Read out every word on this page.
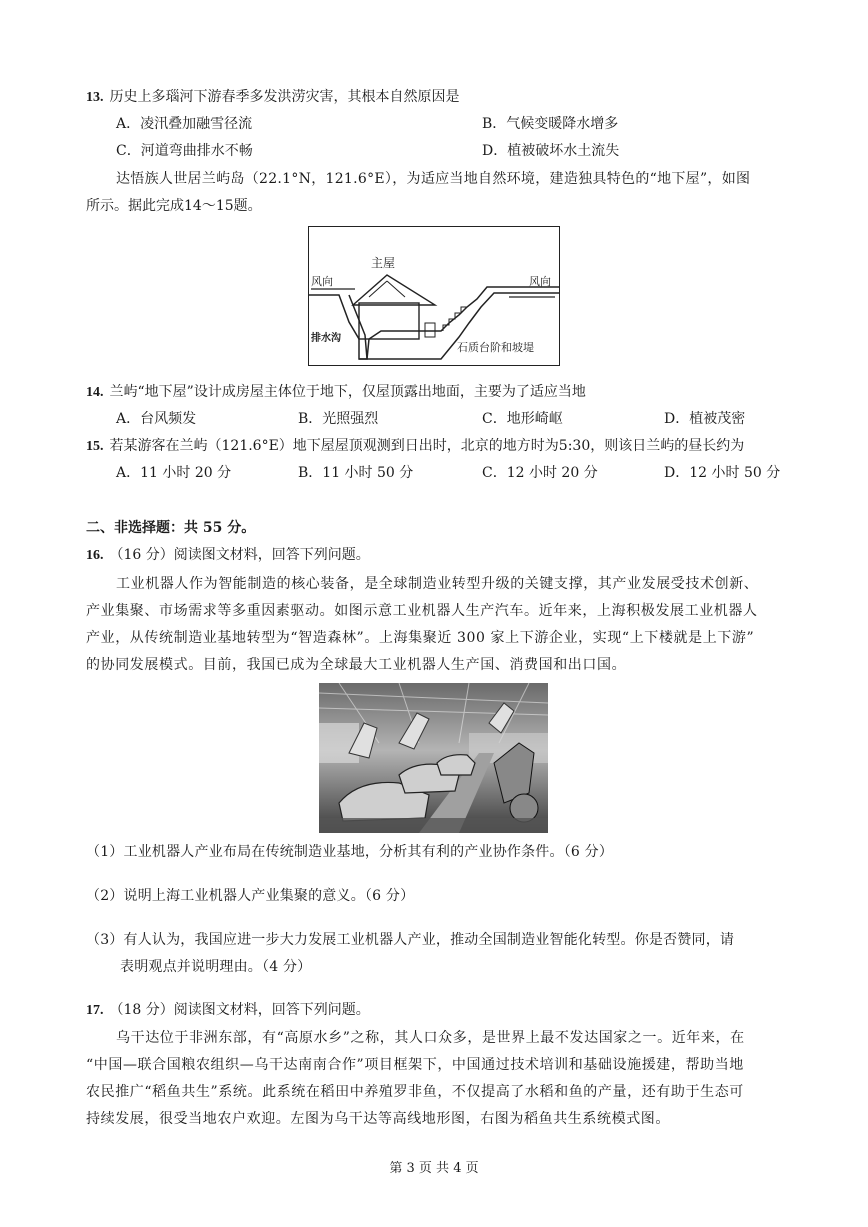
13. 历史上多瑙河下游春季多发洪涝灾害，其根本自然原因是
A．凌汛叠加融雪径流	B．气候变暖降水增多
C．河道弯曲排水不畅	D．植被破坏水土流失
达悟族人世居兰屿岛（22.1°N，121.6°E），为适应当地自然环境，建造独具特色的“地下屋”，如图
所示。据此完成14～15题。
主屋
风向	风向
排水沟
石质台阶和坡堤
14. 兰屿“地下屋”设计成房屋主体位于地下，仅屋顶露出地面，主要为了适应当地
A．台风频发	B．光照强烈	C．地形崎岖	D．植被茂密
15. 若某游客在兰屿（121.6°E）地下屋屋顶观测到日出时，北京的地方时为5:30，则该日兰屿的昼长约为
A．11 小时 20 分	B．11 小时 50 分	C．12 小时 20 分	D．12 小时 50 分
二、非选择题：共 55 分。
16. （16 分）阅读图文材料，回答下列问题。
工业机器人作为智能制造的核心装备，是全球制造业转型升级的关键支撑，其产业发展受技术创新、
产业集聚、市场需求等多重因素驱动。如图示意工业机器人生产汽车。近年来，上海积极发展工业机器人
产业，从传统制造业基地转型为“智造森林”。上海集聚近 300 家上下游企业，实现“上下楼就是上下游”
的协同发展模式。目前，我国已成为全球最大工业机器人生产国、消费国和出口国。
（1）工业机器人产业布局在传统制造业基地，分析其有利的产业协作条件。（6 分）
（2）说明上海工业机器人产业集聚的意义。（6 分）
（3）有人认为，我国应进一步大力发展工业机器人产业，推动全国制造业智能化转型。你是否赞同，请
表明观点并说明理由。（4 分）
17. （18 分）阅读图文材料，回答下列问题。
乌干达位于非洲东部，有“高原水乡”之称，其人口众多，是世界上最不发达国家之一。近年来，在
“中国—联合国粮农组织—乌干达南南合作”项目框架下，中国通过技术培训和基础设施援建，帮助当地
农民推广“稻鱼共生”系统。此系统在稻田中养殖罗非鱼，不仅提高了水稻和鱼的产量，还有助于生态可
持续发展，很受当地农户欢迎。左图为乌干达等高线地形图，右图为稻鱼共生系统模式图。
第 3 页 共 4 页
